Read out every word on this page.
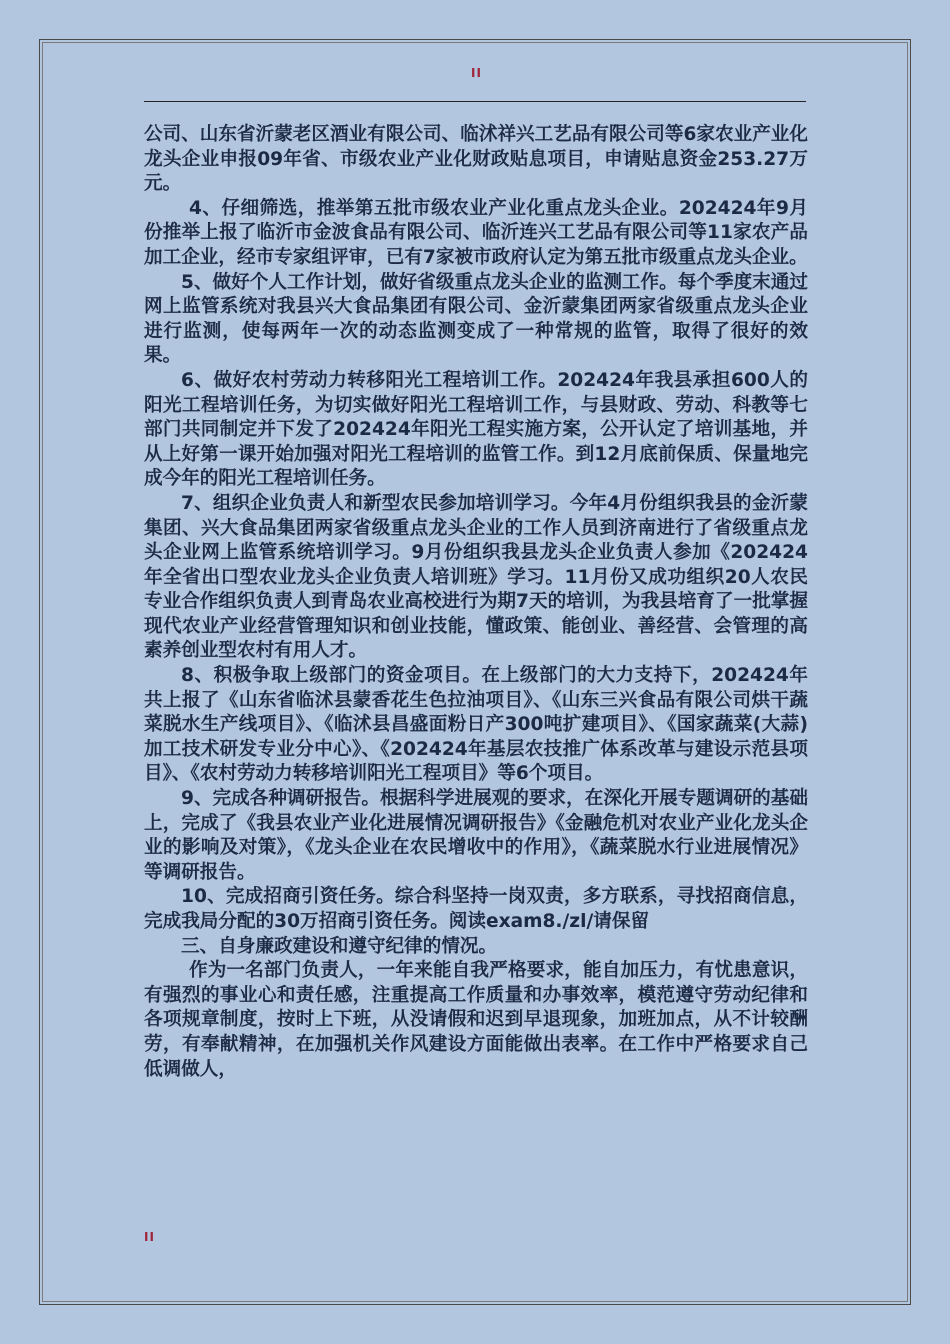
II

公司、山东省沂蒙老区酒业有限公司、临沭祥兴工艺品有限公司等6家农业产业化龙头企业申报09年省、市级农业产业化财政贴息项目，申请贴息资金253.27万元。

4、仔细筛选，推举第五批市级农业产业化重点龙头企业。202424年9月份推举上报了临沂市金波食品有限公司、临沂连兴工艺品有限公司等11家农产品加工企业，经市专家组评审，已有7家被市政府认定为第五批市级重点龙头企业。

5、做好个人工作计划，做好省级重点龙头企业的监测工作。每个季度末通过网上监管系统对我县兴大食品集团有限公司、金沂蒙集团两家省级重点龙头企业进行监测，使每两年一次的动态监测变成了一种常规的监管，取得了很好的效果。

6、做好农村劳动力转移阳光工程培训工作。202424年我县承担600人的阳光工程培训任务，为切实做好阳光工程培训工作，与县财政、劳动、科教等七部门共同制定并下发了202424年阳光工程实施方案，公开认定了培训基地，并从上好第一课开始加强对阳光工程培训的监管工作。到12月底前保质、保量地完成今年的阳光工程培训任务。

7、组织企业负责人和新型农民参加培训学习。今年4月份组织我县的金沂蒙集团、兴大食品集团两家省级重点龙头企业的工作人员到济南进行了省级重点龙头企业网上监管系统培训学习。9月份组织我县龙头企业负责人参加《202424年全省出口型农业龙头企业负责人培训班》学习。11月份又成功组织20人农民专业合作组织负责人到青岛农业高校进行为期7天的培训，为我县培育了一批掌握现代农业产业经营管理知识和创业技能，懂政策、能创业、善经营、会管理的高素养创业型农村有用人才。

8、积极争取上级部门的资金项目。在上级部门的大力支持下，202424年共上报了《山东省临沭县蒙香花生色拉油项目》、《山东三兴食品有限公司烘干蔬菜脱水生产线项目》、《临沭县昌盛面粉日产300吨扩建项目》、《国家蔬菜(大蒜)加工技术研发专业分中心》、《202424年基层农技推广体系改革与建设示范县项目》、《农村劳动力转移培训阳光工程项目》等6个项目。

9、完成各种调研报告。根据科学进展观的要求，在深化开展专题调研的基础上，完成了《我县农业产业化进展情况调研报告》《金融危机对农业产业化龙头企业的影响及对策》，《龙头企业在农民增收中的作用》，《蔬菜脱水行业进展情况》等调研报告。

10、完成招商引资任务。综合科坚持一岗双责，多方联系，寻找招商信息，完成我局分配的30万招商引资任务。阅读exam8./zl/请保留

三、自身廉政建设和遵守纪律的情况。

作为一名部门负责人，一年来能自我严格要求，能自加压力，有忧患意识，有强烈的事业心和责任感，注重提高工作质量和办事效率，模范遵守劳动纪律和各项规章制度，按时上下班，从没请假和迟到早退现象，加班加点，从不计较酬劳，有奉献精神，在加强机关作风建设方面能做出表率。在工作中严格要求自己低调做人，

II
